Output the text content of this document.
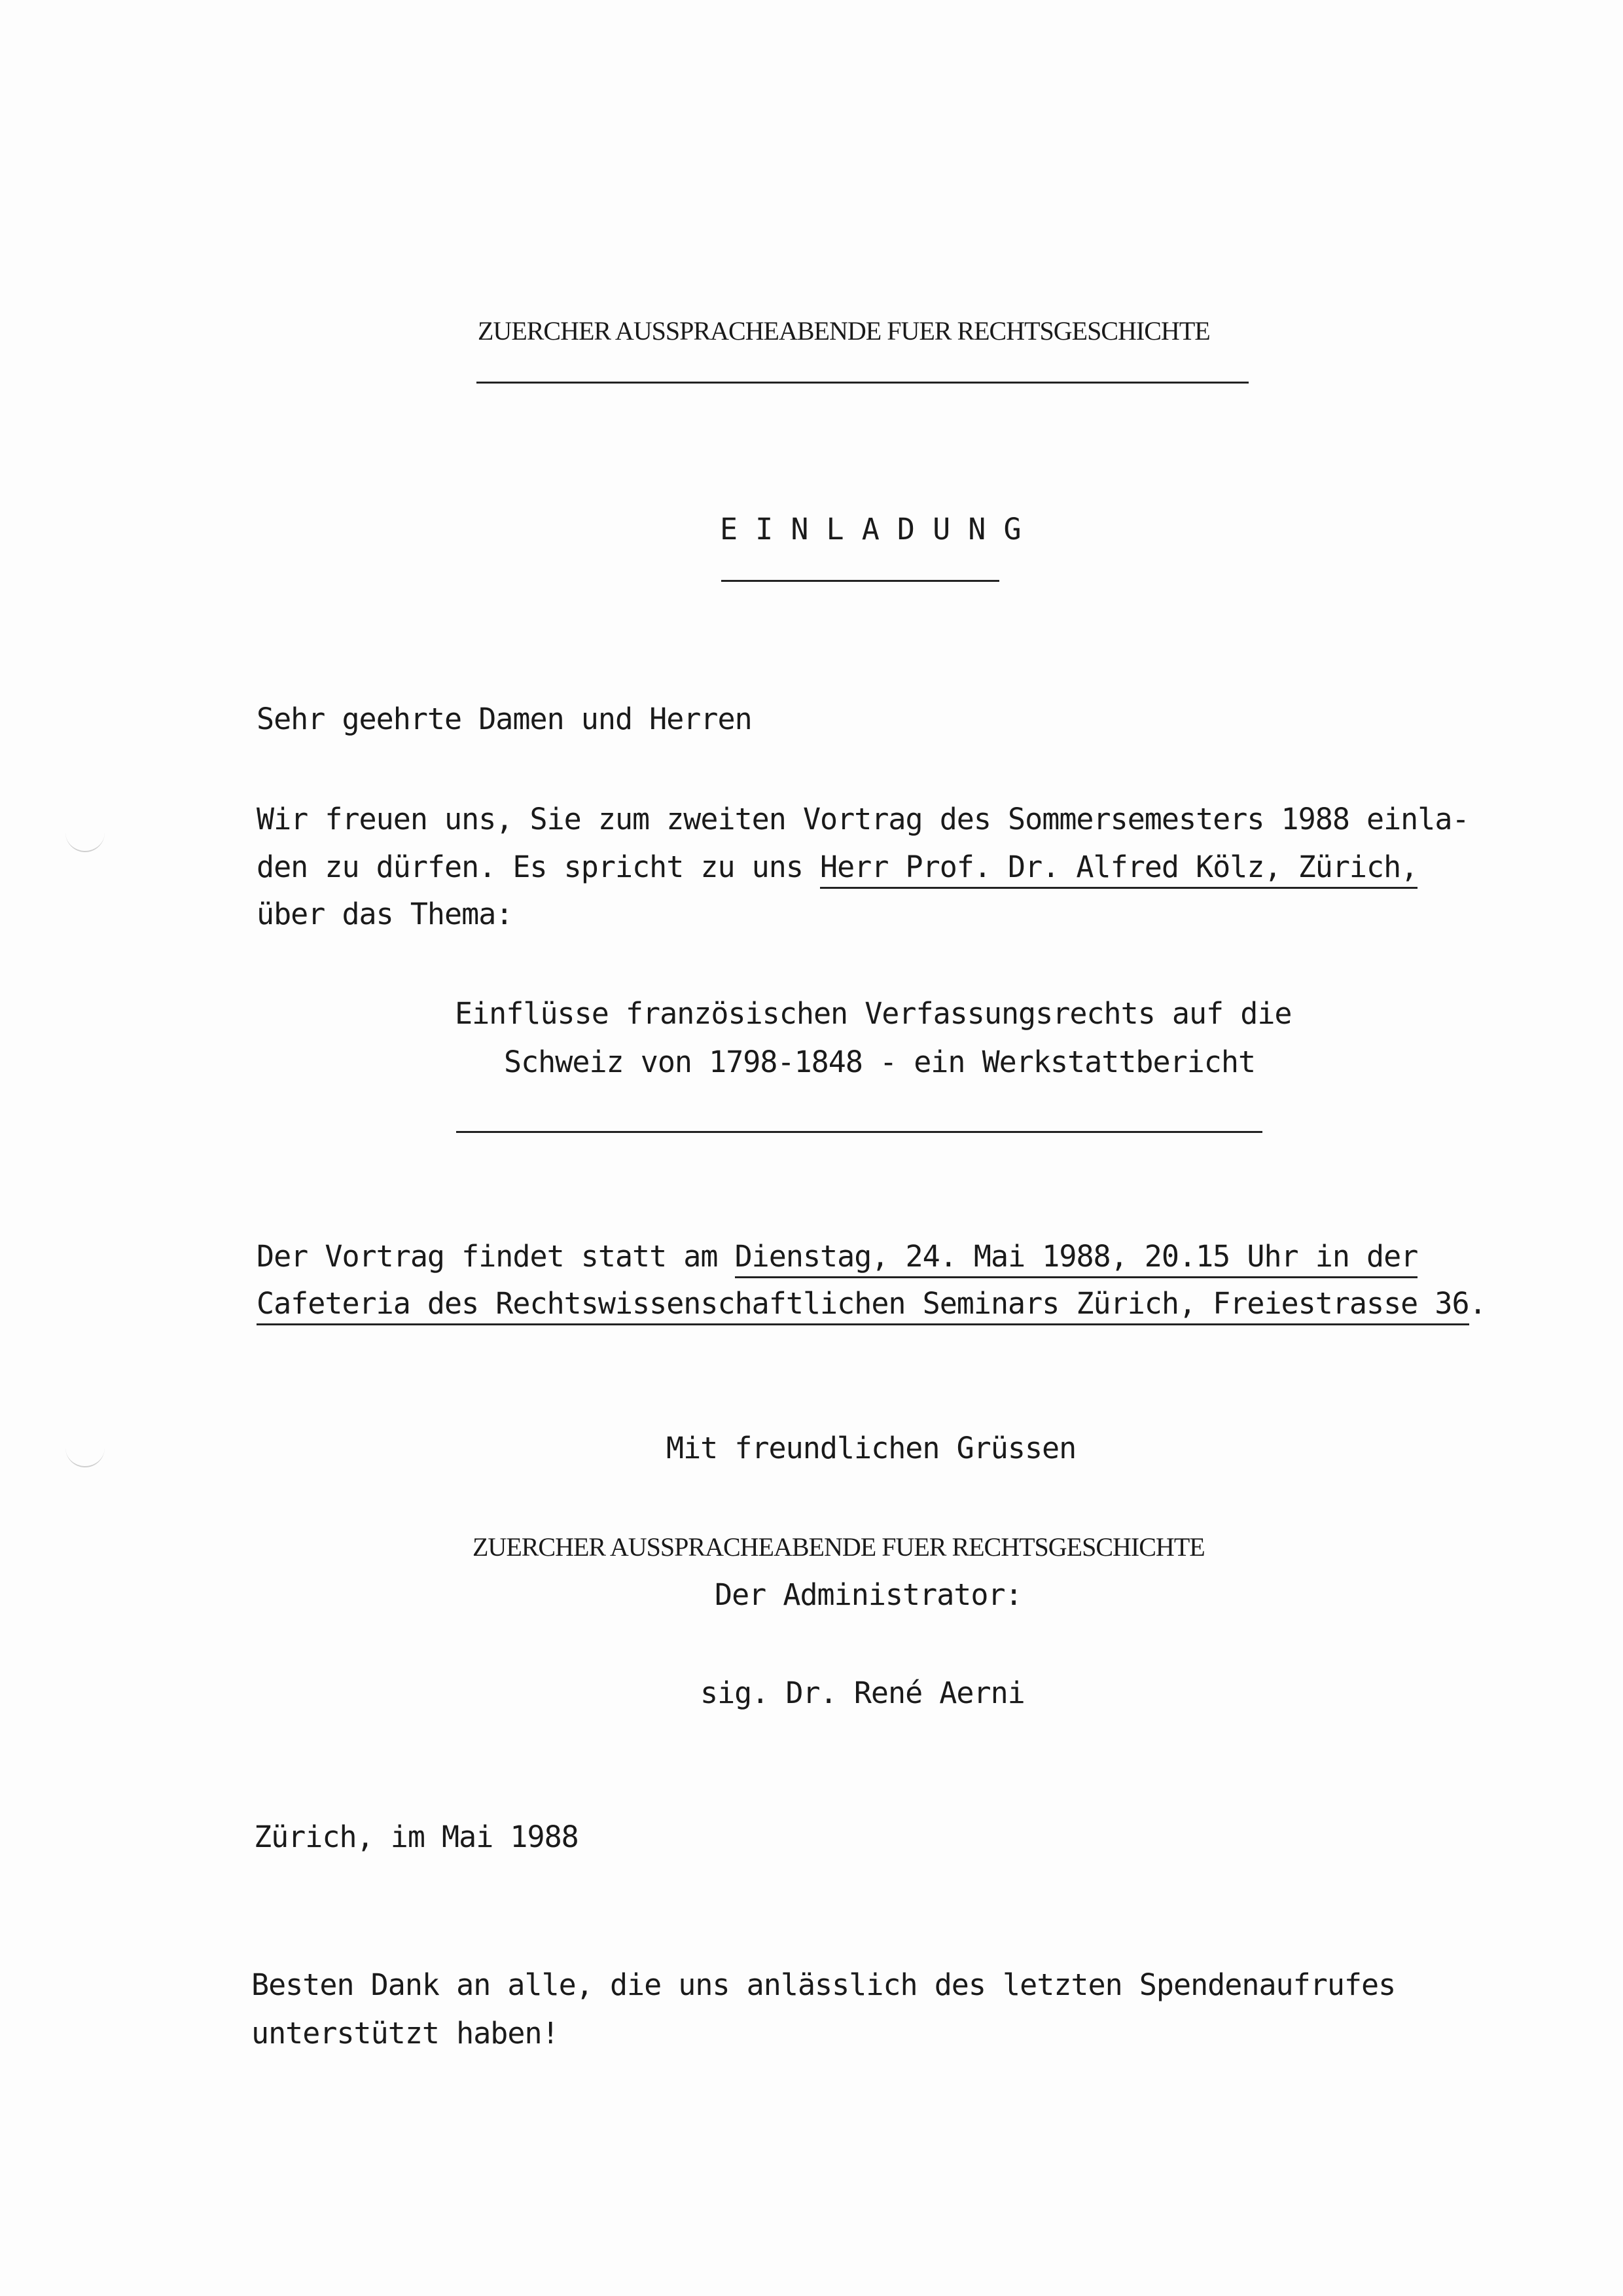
ZUERCHER AUSSPRACHEABENDE FUER RECHTSGESCHICHTE
E I N L A D U N G
Sehr geehrte Damen und Herren
Wir freuen uns, Sie zum zweiten Vortrag des Sommersemesters 1988 einla-
den zu dürfen. Es spricht zu uns Herr Prof. Dr. Alfred Kölz, Zürich,
über das Thema:
Einflüsse französischen Verfassungsrechts auf die
Schweiz von 1798-1848 - ein Werkstattbericht
Der Vortrag findet statt am Dienstag, 24. Mai 1988, 20.15 Uhr in der
Cafeteria des Rechtswissenschaftlichen Seminars Zürich, Freiestrasse 36.
Mit freundlichen Grüssen
ZUERCHER AUSSPRACHEABENDE FUER RECHTSGESCHICHTE
Der Administrator:
sig. Dr. René Aerni
Zürich, im Mai 1988
Besten Dank an alle, die uns anlässlich des letzten Spendenaufrufes
unterstützt haben!
